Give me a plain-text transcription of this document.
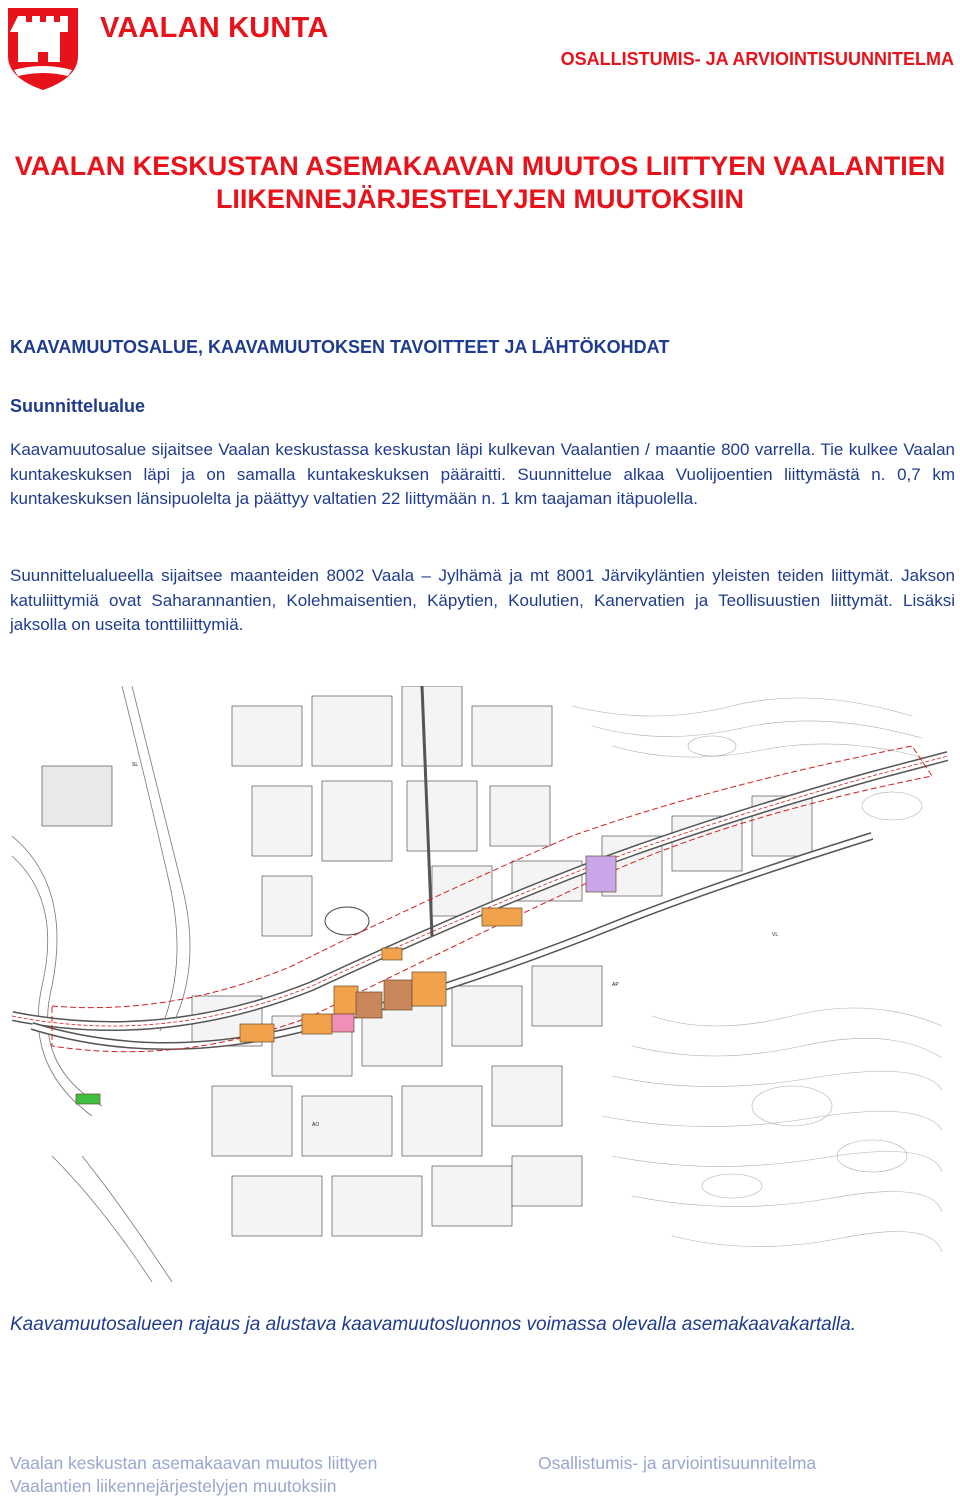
VAALAN KUNTA
OSALLISTUMIS- JA ARVIOINTISUUNNITELMA
VAALAN KESKUSTAN ASEMAKAAVAN MUUTOS LIITTYEN VAALANTIEN
LIIKENNEJÄRJESTELYJEN MUUTOKSIIN
KAAVAMUUTOSALUE, KAAVAMUUTOKSEN TAVOITTEET JA LÄHTÖKOHDAT
Suunnittelualue
Kaavamuutosalue sijaitsee Vaalan keskustassa keskustan läpi kulkevan Vaalantien / maantie 800 varrella. Tie kulkee Vaalan kuntakeskuksen läpi ja on samalla kuntakeskuksen pääraitti. Suunnittelue alkaa Vuolijoentien liittymästä n. 0,7 km kuntakeskuksen länsipuolelta ja päättyy valtatien 22 liittymään n. 1 km taajaman itäpuolella.
Suunnittelualueella sijaitsee maanteiden 8002 Vaala – Jylhämä ja mt 8001 Järvikyläntien yleisten teiden liittymät. Jakson katuliittymiä ovat Saharannantien, Kolehmaisentien, Käpytien, Koulutien, Kanervatien ja Teollisuustien liittymät. Lisäksi jaksolla on useita tonttiliittymiä.
SL
AP
AO
VL
Kaavamuutosalueen rajaus ja alustava kaavamuutosluonnos voimassa olevalla asemakaavakartalla.
Vaalan keskustan asemakaavan muutos liittyen
Vaalantien liikennejärjestelyjen muutoksiin
Osallistumis- ja arviointisuunnitelma
